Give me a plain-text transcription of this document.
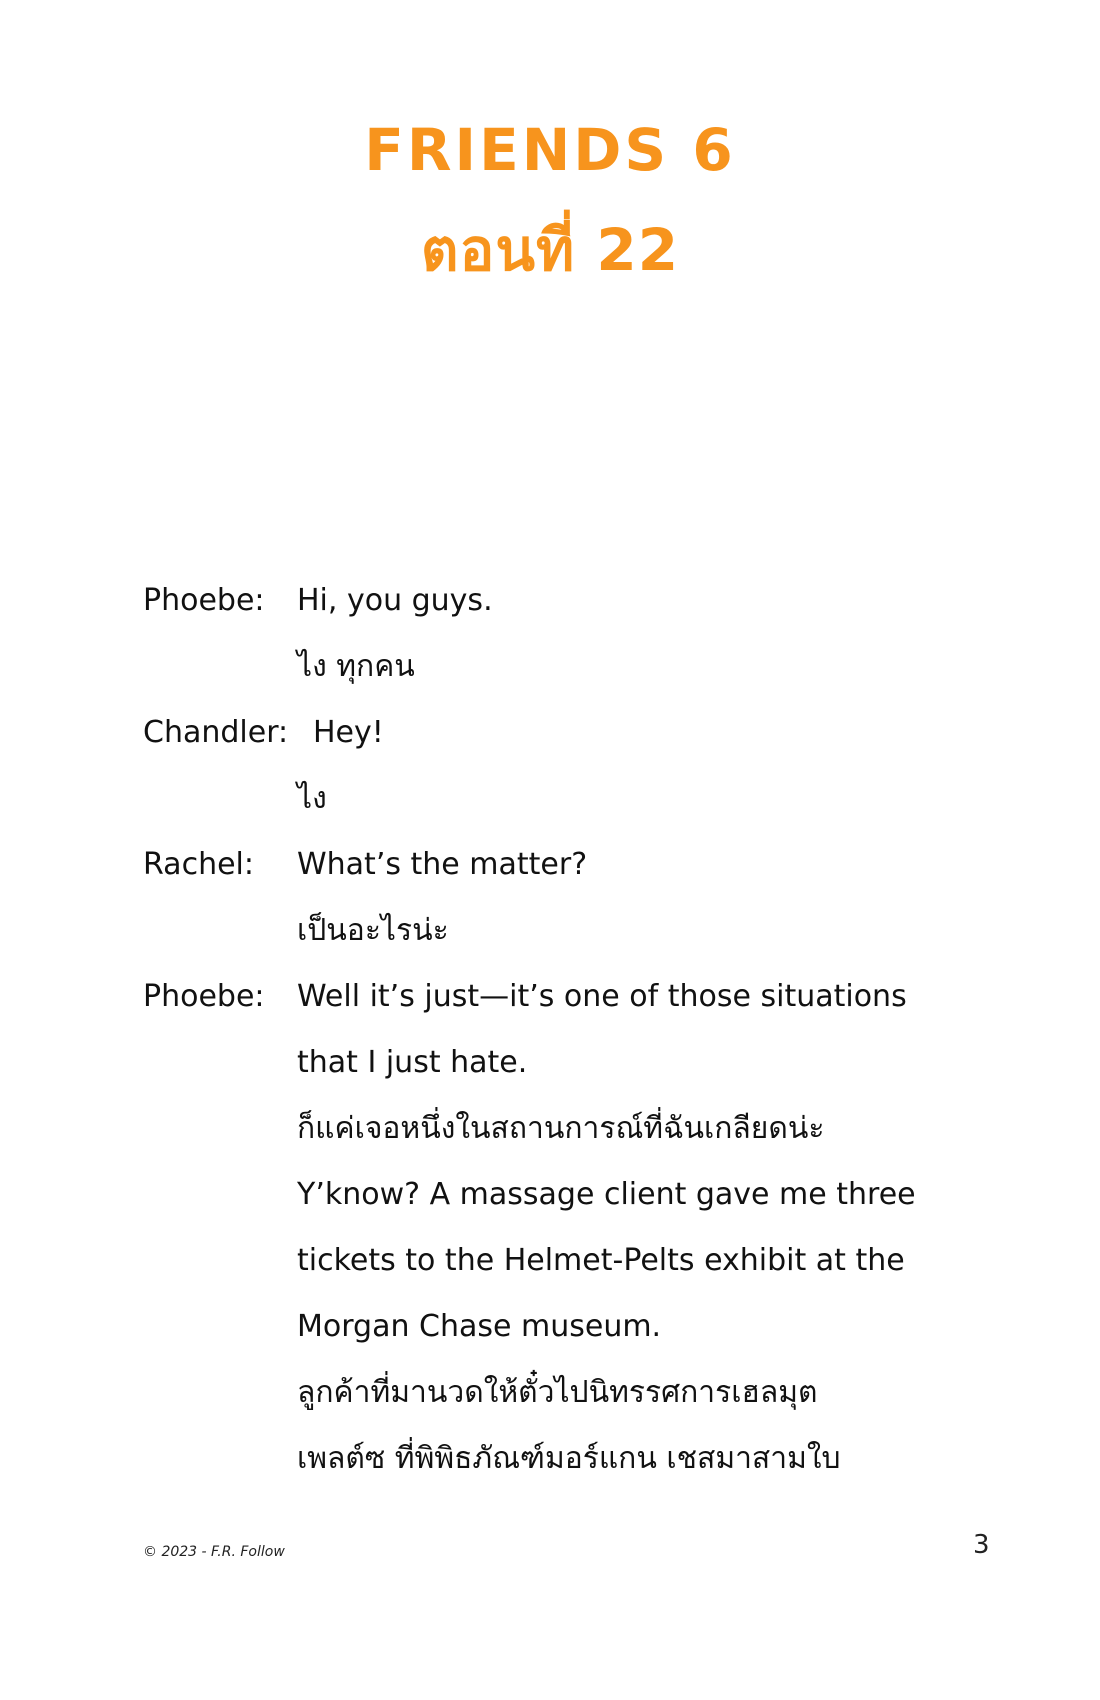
FRIENDS 6
ตอนที่ 22
Phoebe: Hi, you guys.
ไง ทุกคน
Chandler: Hey!
ไง
Rachel: What’s the matter?
เป็นอะไรน่ะ
Phoebe: Well it’s just—it’s one of those situations
that I just hate.
ก็แค่เจอหนึ่งในสถานการณ์ที่ฉันเกลียดน่ะ
Y’know? A massage client gave me three
tickets to the Helmet-Pelts exhibit at the
Morgan Chase museum.
ลูกค้าที่มานวดให้ตั๋วไปนิทรรศการเฮลมุต
เพลต์ซ ที่พิพิธภัณฑ์มอร์แกน เชสมาสามใบ
© 2023 - F.R. Follow	3
